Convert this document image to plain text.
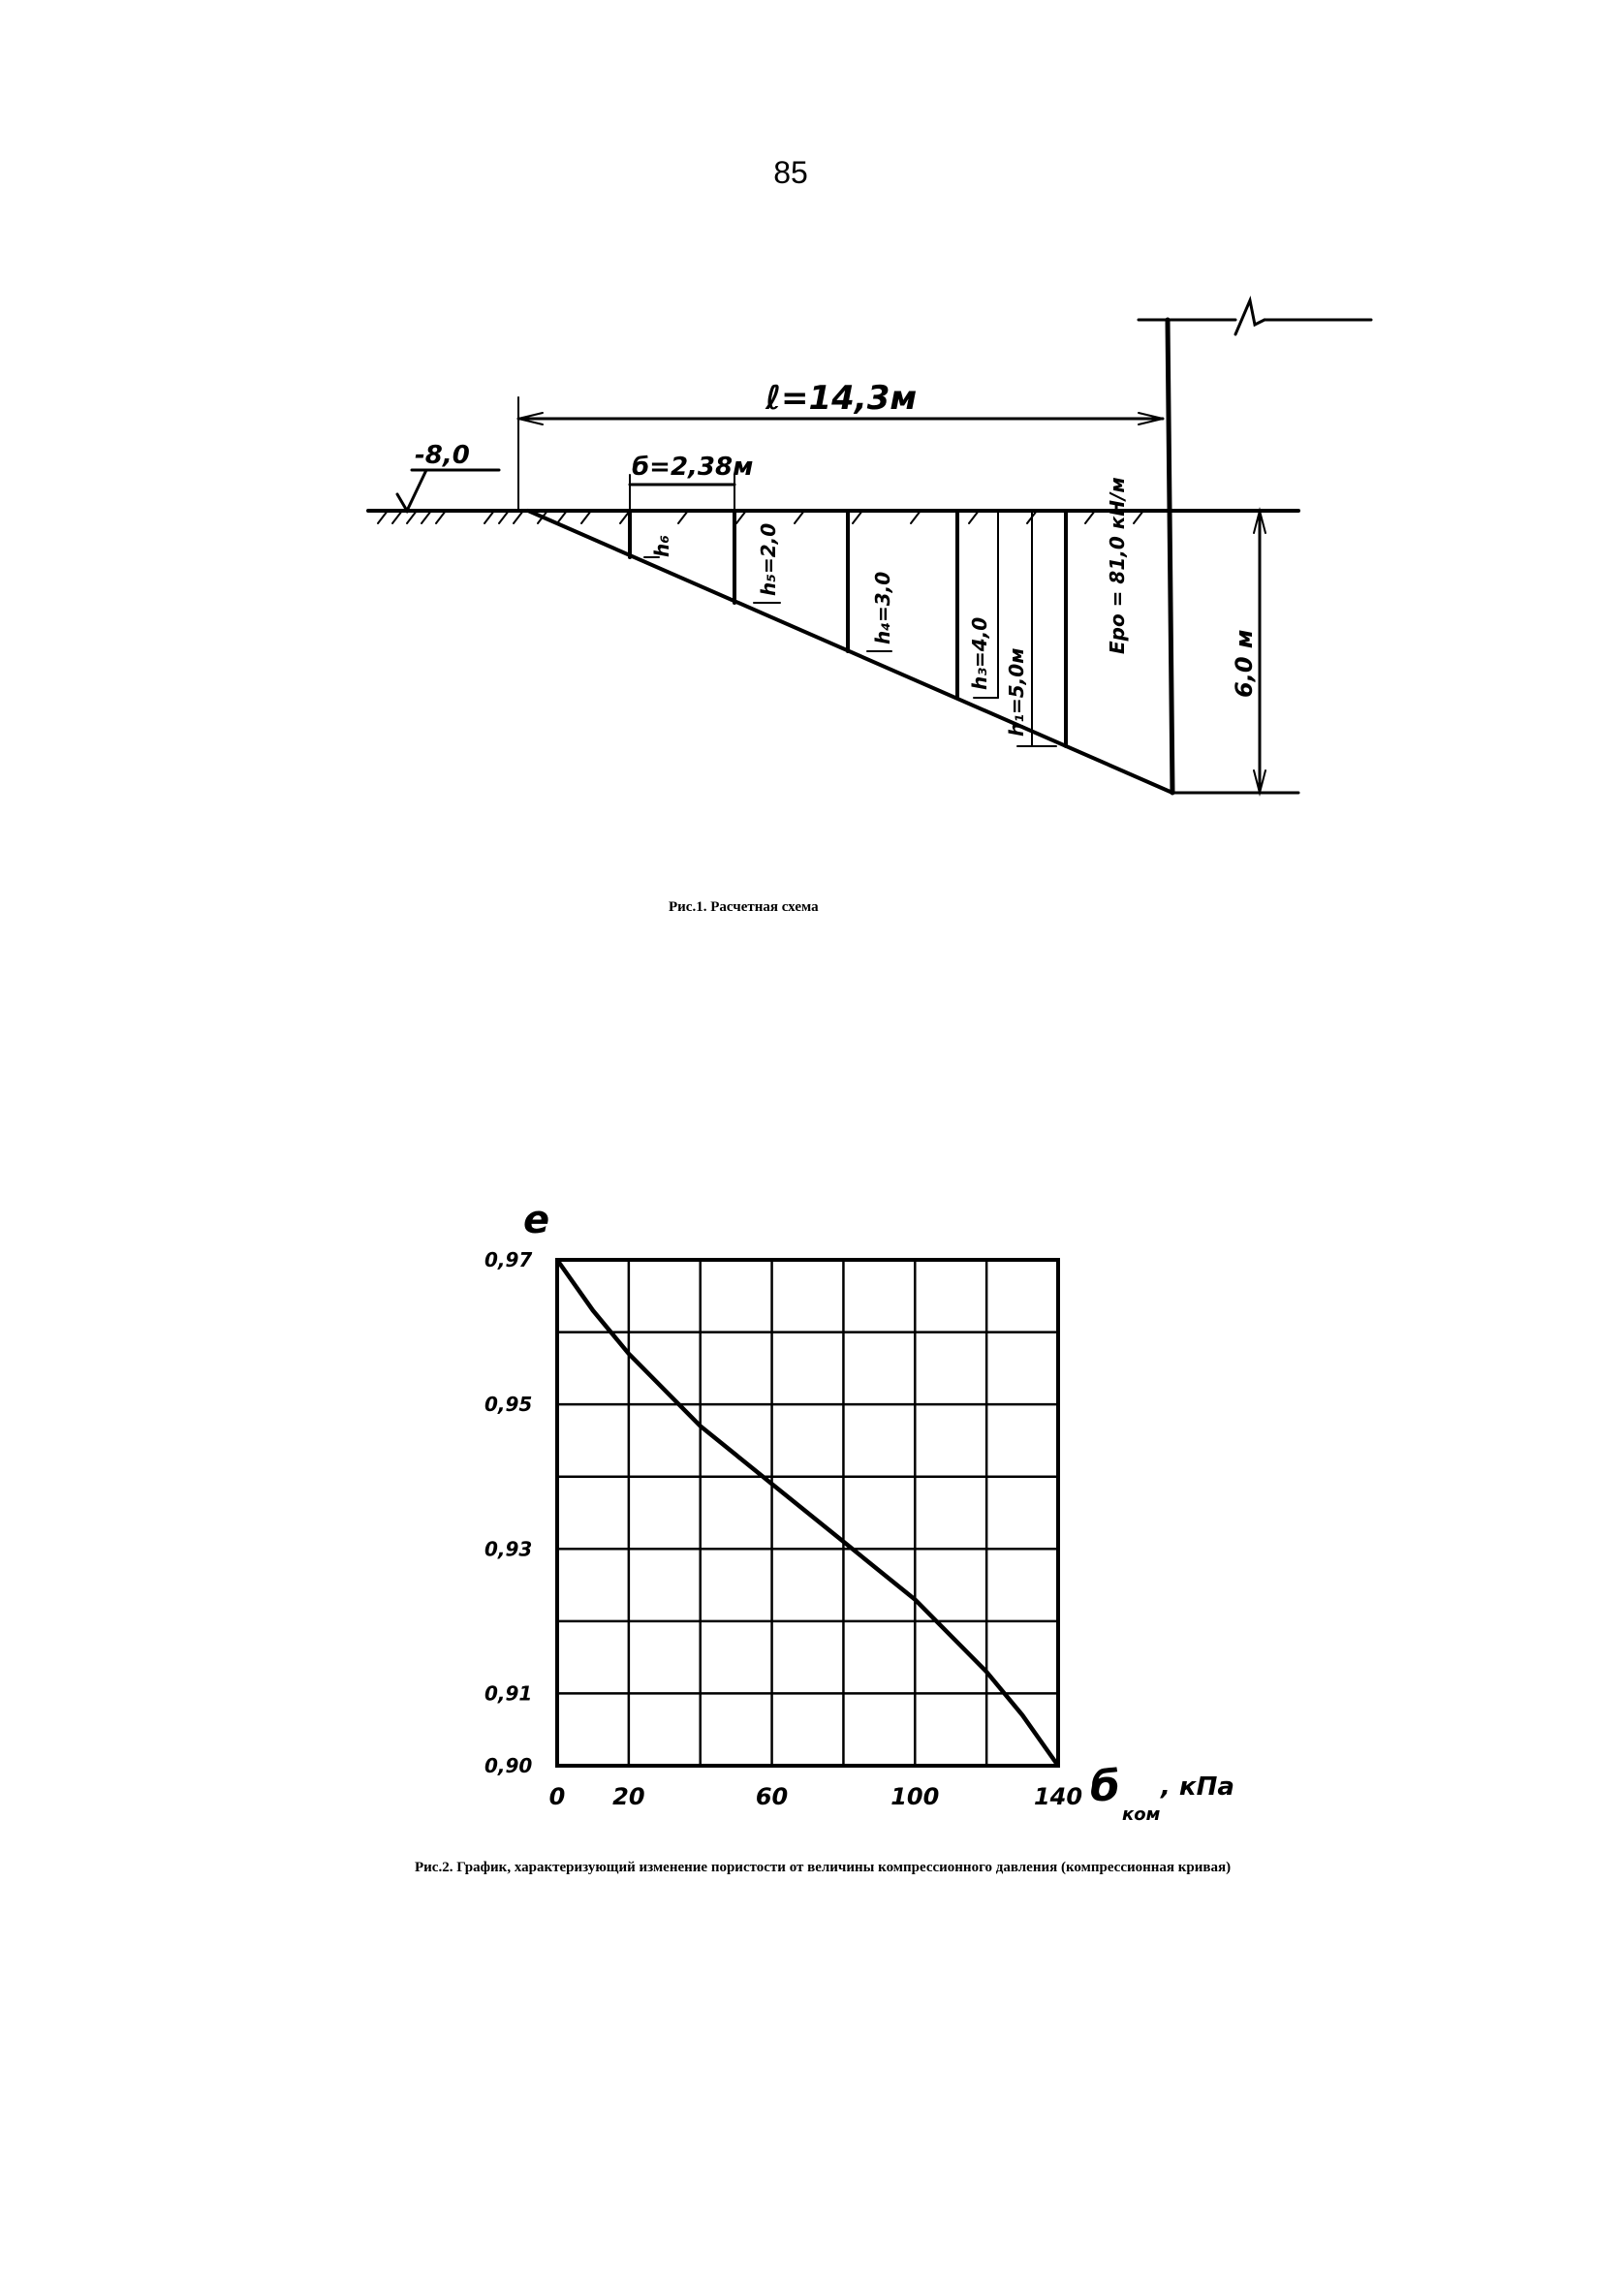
85
-8,0
ℓ=14,3м
б=2,38м
h₆	h₅=2,0
h₄=3,0
h₃=4,0 h₁=5,0м
Epo = 81,0 кН/м
6,0 м
Рис.1. Расчетная схема
e
б
ком
, кПа
0,97
0,95
0,93
0,91
0,90
0 20	60	100	140
Рис.2. График, характеризующий изменение пористости от величины компрессионного давления (компрессионная кривая)
